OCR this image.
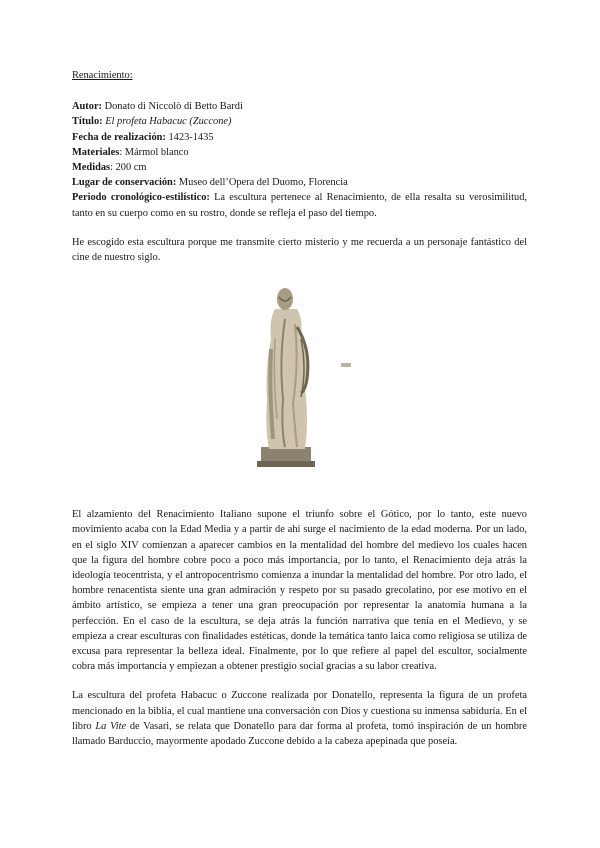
Renacimiento:

Autor: Donato di Niccolò di Betto Bardi

Título: El profeta Habacuc (Zuccone)

Fecha de realización: 1423-1435

Materiales: Mármol blanco

Medidas: 200 cm

Lugar de conservación: Museo dell’Opera del Duomo, Florencia

Periodo cronológico-estilístico: La escultura pertenece al Renacimiento, de ella resalta su verosimilitud, tanto en su cuerpo como en su rostro, donde se refleja el paso del tiempo.

He escogido esta escultura porque me transmite cierto misterio y me recuerda a un personaje fantástico del cine de nuestro siglo.

El alzamiento del Renacimiento Italiano supone el triunfo sobre el Gótico, por lo tanto, este nuevo movimiento acaba con la Edad Media y a partir de ahí surge el nacimiento de la edad moderna. Por un lado, en el siglo XIV comienzan a aparecer cambios en la mentalidad del hombre del medievo los cuales hacen que la figura del hombre cobre poco a poco más importancia, por lo tanto, el Renacimiento deja atrás la ideología teocentrista, y el antropocentrismo comienza a inundar la mentalidad del hombre. Por otro lado, el hombre renacentista siente una gran admiración y respeto por su pasado grecolatino, por ese motivo en el ámbito artístico, se empieza a tener una gran preocupación por representar la anatomía humana a la perfección. En el caso de la escultura, se deja atrás la función narrativa que tenía en el Medievo, y se empieza a crear esculturas con finalidades estéticas, donde la temática tanto laica como religiosa se utiliza de excusa para representar la belleza ideal. Finalmente, por lo que refiere al papel del escultor, socialmente cobra más importancia y empiezan a obtener prestigio social gracias a su labor creativa.

La escultura del profeta Habacuc o Zuccone realizada por Donatello, representa la figura de un profeta mencionado en la biblia, el cual mantiene una conversación con Dios y cuestiona su inmensa sabiduría. En el libro La Vite de Vasari, se relata que Donatello para dar forma al profeta, tomó inspiración de un hombre llamado Barduccio, mayormente apodado Zuccone debido a la cabeza apepinada que poseía.
